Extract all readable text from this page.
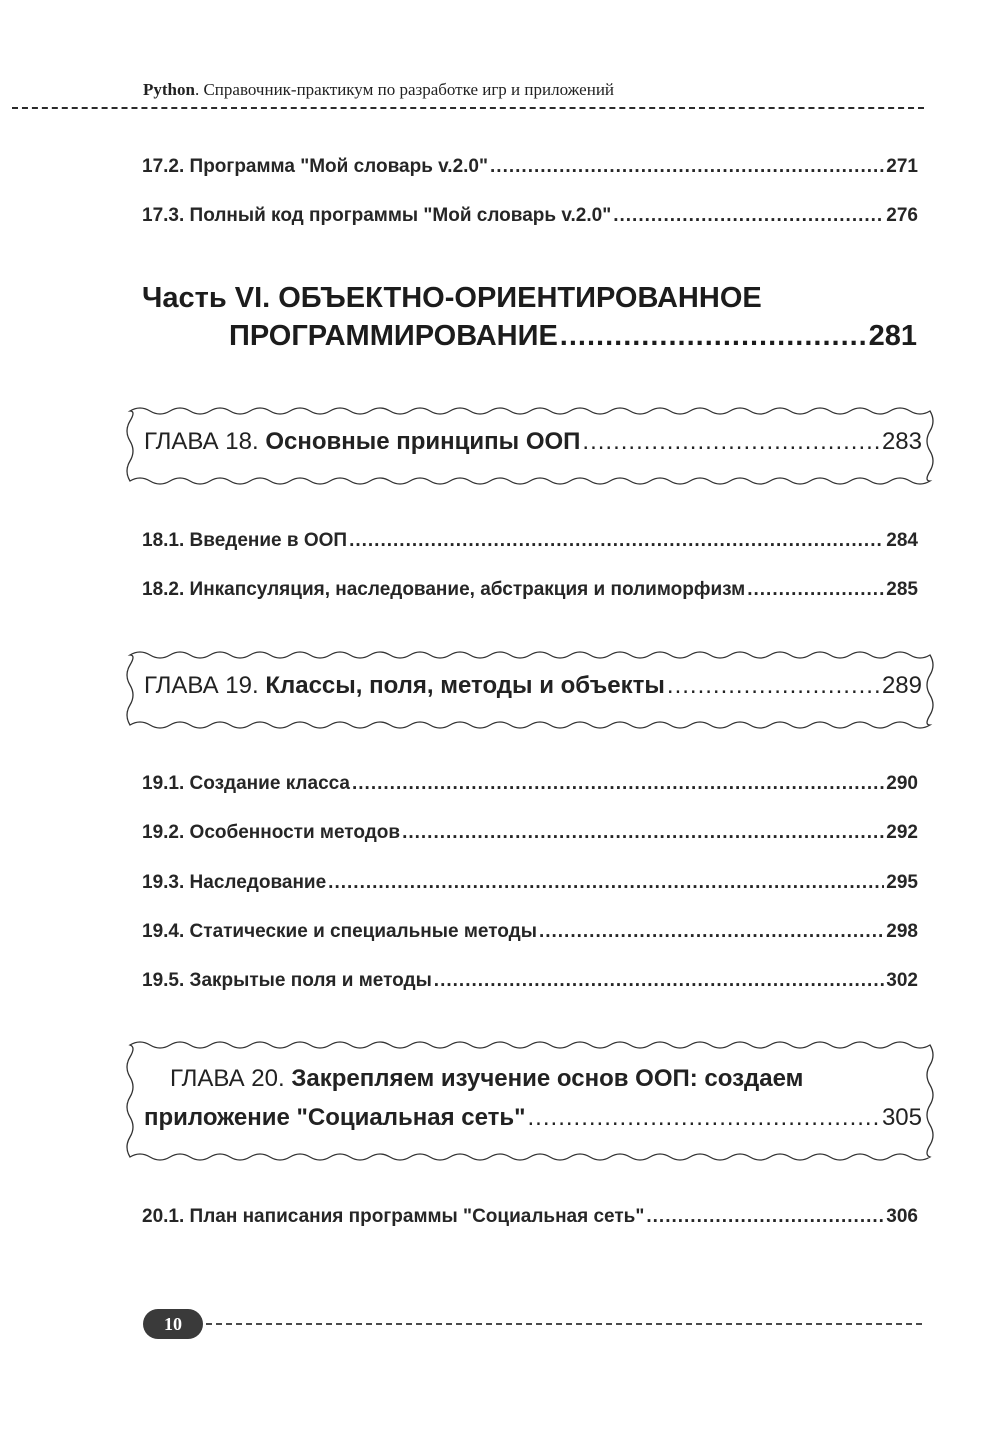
Python. Справочник-практикум по разработке игр и приложений
17.2. Программа "Мой словарь v.2.0" .....	271
17.3. Полный код программы "Мой словарь v.2.0" .....	276
Часть VI. ОБЪЕКТНО-ОРИЕНТИРОВАННОЕ
ПРОГРАММИРОВАНИЕ .....	281
ГЛАВА 18. Основные принципы ООП .....	283
18.1. Введение в ООП .....	284
18.2. Инкапсуляция, наследование, абстракция и полиморфизм .....	285
ГЛАВА 19. Классы, поля, методы и объекты .....	289
19.1. Создание класса .....	290
19.2. Особенности методов .....	292
19.3. Наследование .....	295
19.4. Статические и специальные методы .....	298
19.5. Закрытые поля и методы .....	302
ГЛАВА 20. Закрепляем изучение основ ООП: создаем
приложение "Социальная сеть" .....	305
20.1. План написания программы "Социальная сеть" .....	306
10
